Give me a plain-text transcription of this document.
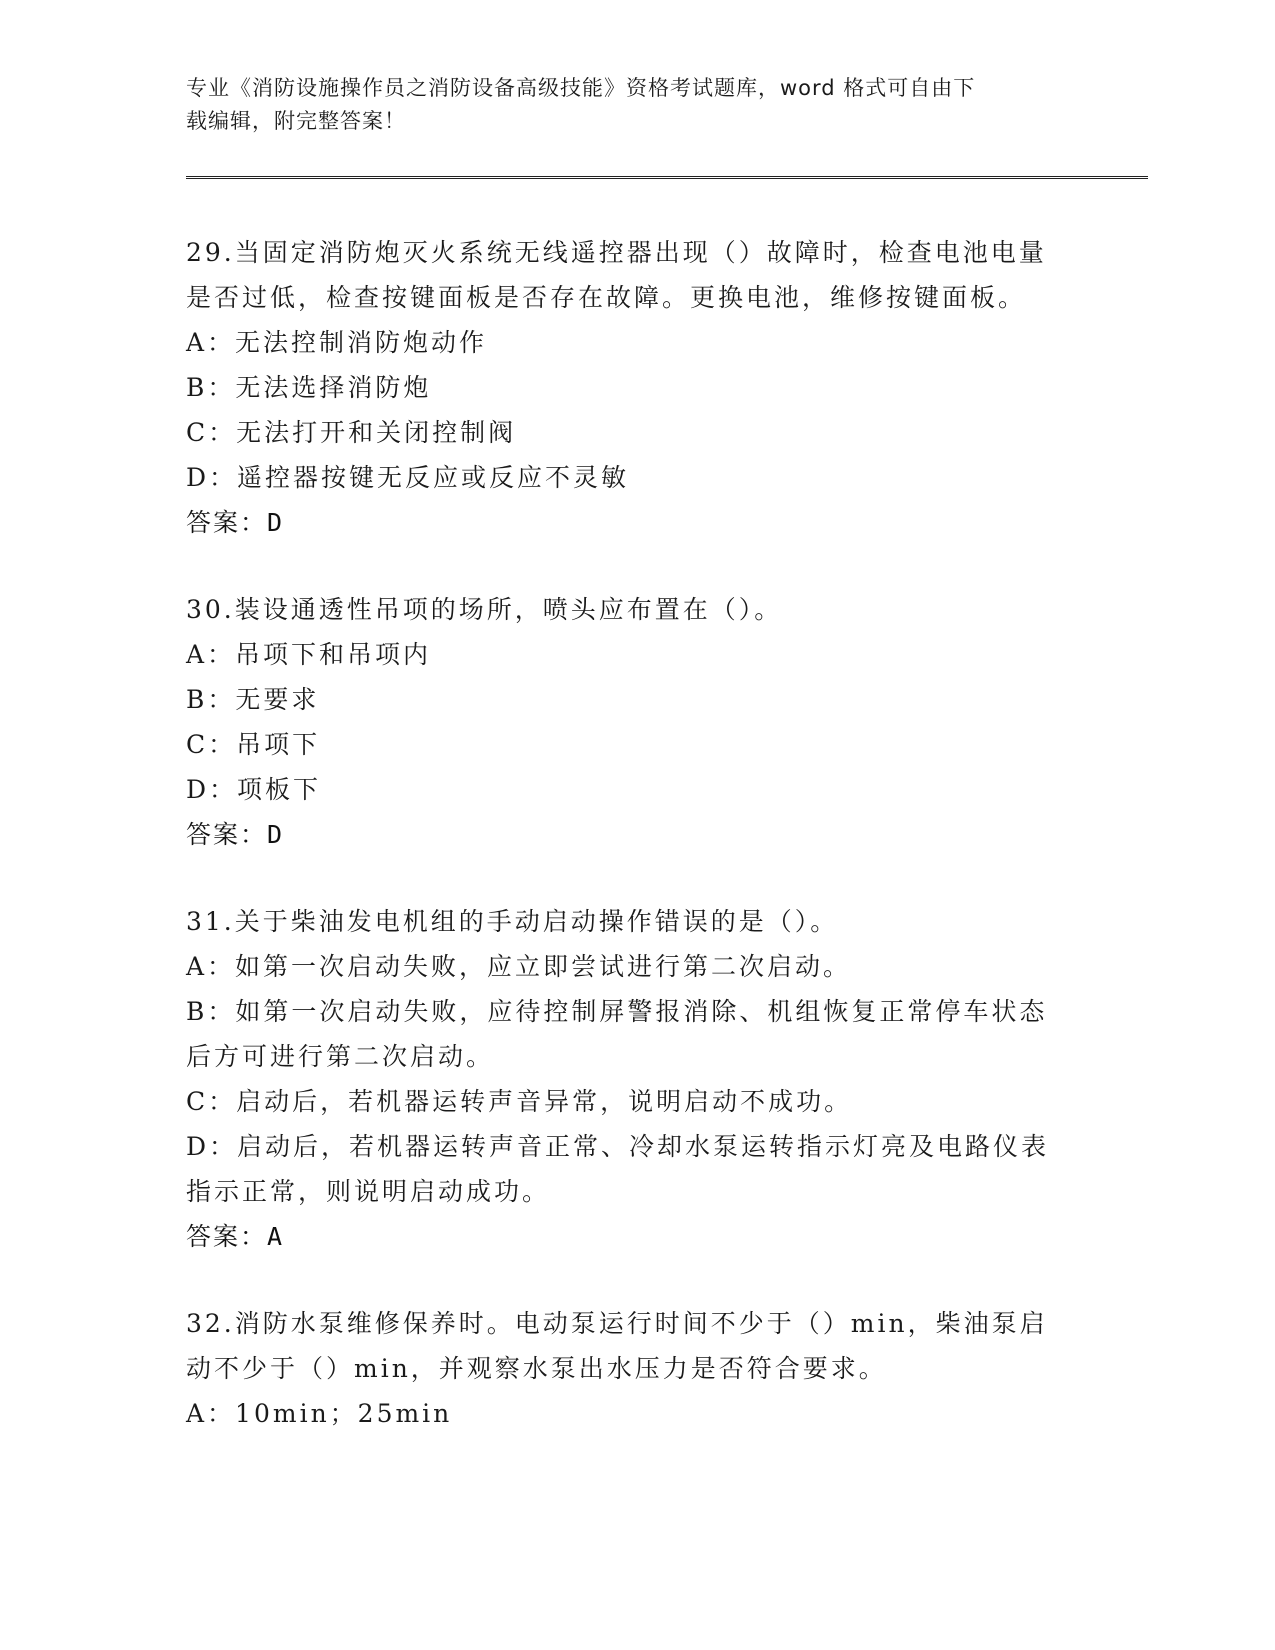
专业《消防设施操作员之消防设备高级技能》资格考试题库，word 格式可自由下
载编辑，附完整答案！
29.当固定消防炮灭火系统无线遥控器出现（）故障时，检查电池电量
是否过低，检查按键面板是否存在故障。更换电池，维修按键面板。
A：无法控制消防炮动作
B：无法选择消防炮
C：无法打开和关闭控制阀
D：遥控器按键无反应或反应不灵敏
答案：D
30.装设通透性吊项的场所，喷头应布置在（）。
A：吊项下和吊项内
B：无要求
C：吊项下
D：项板下
答案：D
31.关于柴油发电机组的手动启动操作错误的是（）。
A：如第一次启动失败，应立即尝试进行第二次启动。
B：如第一次启动失败，应待控制屏警报消除、机组恢复正常停车状态
后方可进行第二次启动。
C：启动后，若机器运转声音异常，说明启动不成功。
D：启动后，若机器运转声音正常、冷却水泵运转指示灯亮及电路仪表
指示正常，则说明启动成功。
答案：A
32.消防水泵维修保养时。电动泵运行时间不少于（）min，柴油泵启
动不少于（）min，并观察水泵出水压力是否符合要求。
A：10min；25min
